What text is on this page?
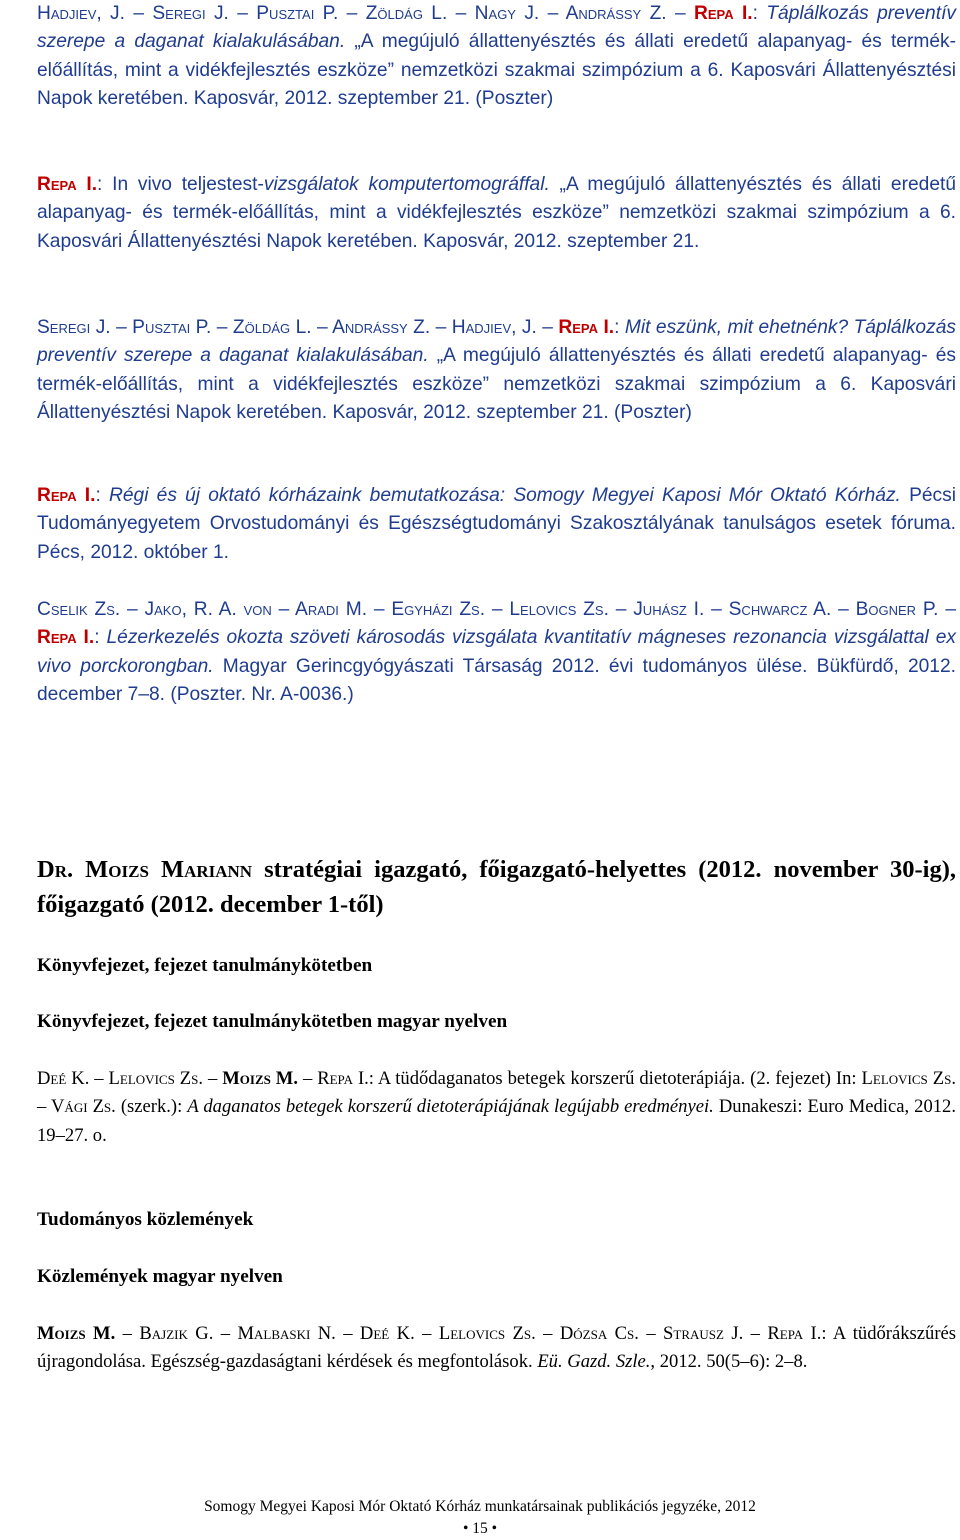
Hadjiev, J. – Seregi J. – Pusztai P. – Zöldág L. – Nagy J. – Andrássy Z. – Repa I.: Táplálkozás preventív szerepe a daganat kialakulásában. „A megújuló állattenyésztés és állati eredetű alapanyag- és termék-előállítás, mint a vidékfejlesztés eszköze” nemzetközi szakmai szimpózium a 6. Kaposvári Állattenyésztési Napok keretében. Kaposvár, 2012. szeptember 21. (Poszter)
Repa I.: In vivo teljestest-vizsgálatok komputertomográffal. „A megújuló állattenyésztés és állati eredetű alapanyag- és termék-előállítás, mint a vidékfejlesztés eszköze” nemzetközi szakmai szimpózium a 6. Kaposvári Állattenyésztési Napok keretében. Kaposvár, 2012. szeptember 21.
Seregi J. – Pusztai P. – Zöldág L. – Andrássy Z. – Hadjiev, J. – Repa I.: Mit eszünk, mit ehetnénk? Táplálkozás preventív szerepe a daganat kialakulásában. „A megújuló állattenyésztés és állati eredetű alapanyag- és termék-előállítás, mint a vidékfejlesztés eszköze” nemzetközi szakmai szimpózium a 6. Kaposvári Állattenyésztési Napok keretében. Kaposvár, 2012. szeptember 21. (Poszter)
Repa I.: Régi és új oktató kórházaink bemutatkozása: Somogy Megyei Kaposi Mór Oktató Kórház. Pécsi Tudományegyetem Orvostudományi és Egészségtudományi Szakosztályának tanulságos esetek fóruma. Pécs, 2012. október 1.
Cselik Zs. – Jako, R. A. von – Aradi M. – Egyházi Zs. – Lelovics Zs. – Juhász I. – Schwarcz A. – Bogner P. – Repa I.: Lézerkezelés okozta szöveti károsodás vizsgálata kvantitatív mágneses rezonancia vizsgálattal ex vivo porckorongban. Magyar Gerincgyógyászati Társaság 2012. évi tudományos ülése. Bükfürdő, 2012. december 7–8. (Poszter. Nr. A-0036.)
Dr. Moizs Mariann stratégiai igazgató, főigazgató-helyettes (2012. november 30-ig), főigazgató (2012. december 1-től)
Könyvfejezet, fejezet tanulmánykötetben
Könyvfejezet, fejezet tanulmánykötetben magyar nyelven
Deé K. – Lelovics Zs. – Moizs M. – Repa I.: A tüdődaganatos betegek korszerű dietoterápiája. (2. fejezet) In: Lelovics Zs. – Vági Zs. (szerk.): A daganatos betegek korszerű dietoterápiájának legújabb eredményei. Dunakeszi: Euro Medica, 2012. 19–27. o.
Tudományos közlemények
Közlemények magyar nyelven
Moizs M. – Bajzik G. – Malbaski N. – Deé K. – Lelovics Zs. – Dózsa Cs. – Strausz J. – Repa I.: A tüdőrákszűrés újragondolása. Egészség-gazdaságtani kérdések és megfontolások. Eü. Gazd. Szle., 2012. 50(5–6): 2–8.
Somogy Megyei Kaposi Mór Oktató Kórház munkatársainak publikációs jegyzéke, 2012
• 15 •
